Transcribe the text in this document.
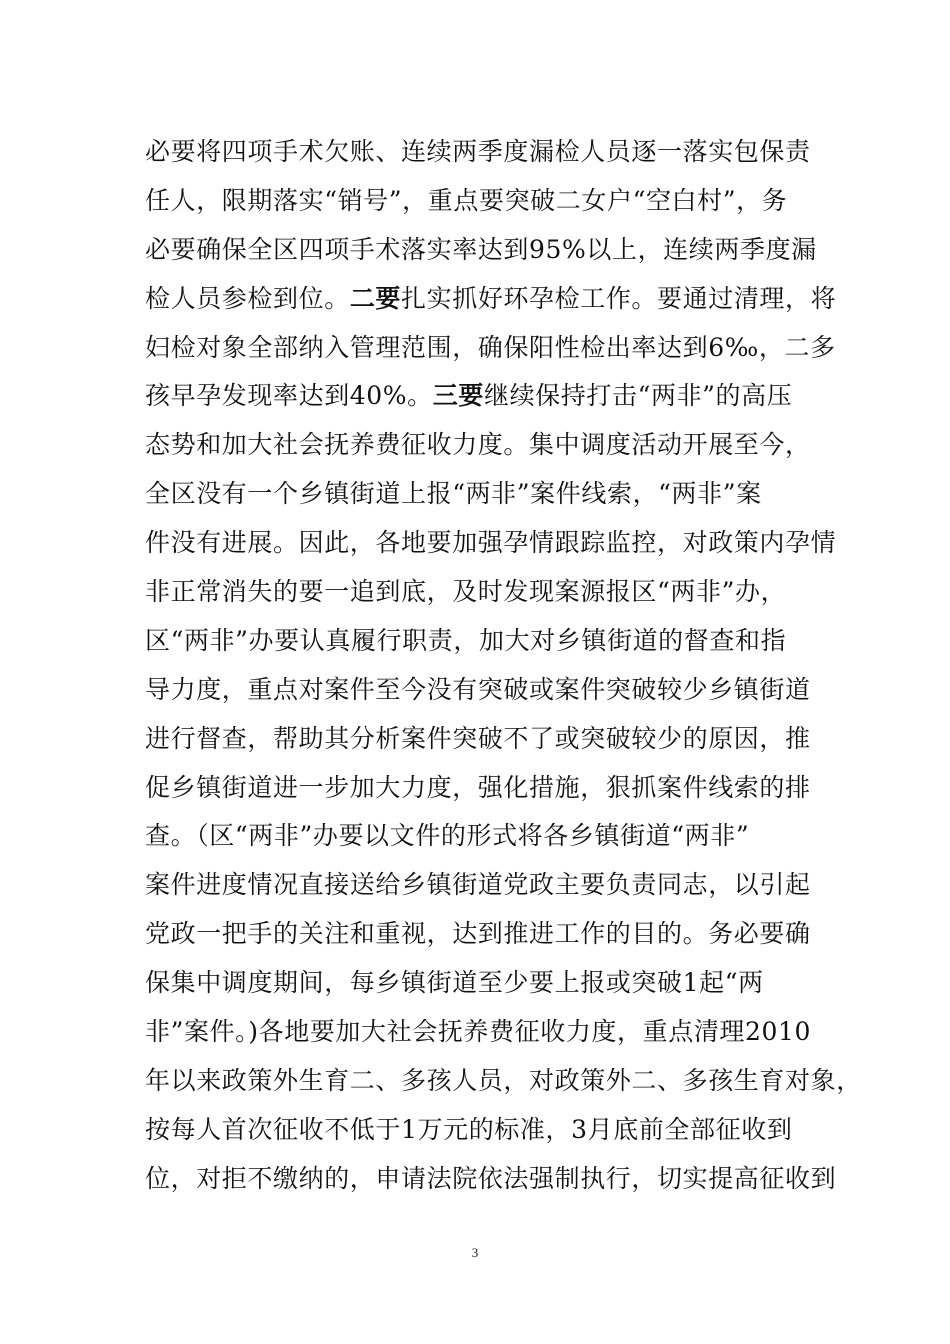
必要将四项手术欠账、连续两季度漏检人员逐一落实包保责
任人，限期落实“销号”，重点要突破二女户“空白村”，务
必要确保全区四项手术落实率达到95%以上，连续两季度漏
检人员参检到位。二要扎实抓好环孕检工作。要通过清理，将
妇检对象全部纳入管理范围，确保阳性检出率达到6‰，二多
孩早孕发现率达到40%。三要继续保持打击“两非”的高压
态势和加大社会抚养费征收力度。集中调度活动开展至今，
全区没有一个乡镇街道上报“两非”案件线索，“两非”案
件没有进展。因此，各地要加强孕情跟踪监控，对政策内孕情
非正常消失的要一追到底，及时发现案源报区“两非”办，
区“两非”办要认真履行职责，加大对乡镇街道的督查和指
导力度，重点对案件至今没有突破或案件突破较少乡镇街道
进行督查，帮助其分析案件突破不了或突破较少的原因，推
促乡镇街道进一步加大力度，强化措施，狠抓案件线索的排
查。（区“两非”办要以文件的形式将各乡镇街道“两非”
案件进度情况直接送给乡镇街道党政主要负责同志，以引起
党政一把手的关注和重视，达到推进工作的目的。务必要确
保集中调度期间，每乡镇街道至少要上报或突破1起“两
非”案件。)各地要加大社会抚养费征收力度，重点清理2010
年以来政策外生育二、多孩人员，对政策外二、多孩生育对象，
按每人首次征收不低于1万元的标准，3月底前全部征收到
位，对拒不缴纳的，申请法院依法强制执行，切实提高征收到
3
